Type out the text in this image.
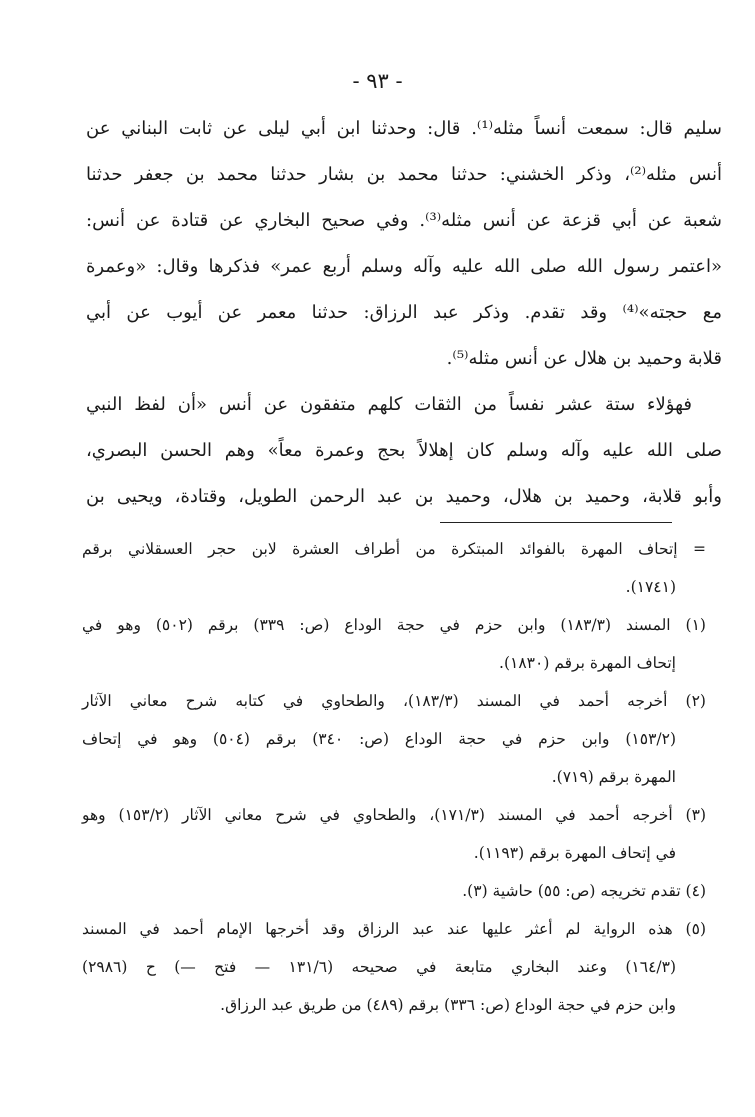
- ٩٣ -
سليم قال: سمعت أنساً مثله⁽¹⁾. قال: وحدثنا ابن أبي ليلى عن ثابت البناني عن
أنس مثله⁽²⁾، وذكر الخشني: حدثنا محمد بن بشار حدثنا محمد بن جعفر حدثنا
شعبة عن أبي قزعة عن أنس مثله⁽³⁾. وفي صحيح البخاري عن قتادة عن أنس:
«اعتمر رسول الله صلى الله عليه وآله وسلم أربع عمر» فذكرها وقال: «وعمرة
مع حجته»⁽⁴⁾ وقد تقدم. وذكر عبد الرزاق: حدثنا معمر عن أيوب عن أبي
قلابة وحميد بن هلال عن أنس مثله⁽⁵⁾.
فهؤلاء ستة عشر نفساً من الثقات كلهم متفقون عن أنس «أن لفظ النبي
صلى الله عليه وآله وسلم كان إهلالاً بحج وعمرة معاً» وهم الحسن البصري،
وأبو قلابة، وحميد بن هلال، وحميد بن عبد الرحمن الطويل، وقتادة، ويحيى بن
= إتحاف المهرة بالفوائد المبتكرة من أطراف العشرة لابن حجر العسقلاني برقم
(١٧٤١).
(١) المسند (١٨٣/٣) وابن حزم في حجة الوداع (ص: ٣٣٩) برقم (٥٠٢) وهو في
إتحاف المهرة برقم (١٨٣٠).
(٢) أخرجه أحمد في المسند (١٨٣/٣)، والطحاوي في كتابه شرح معاني الآثار
(١٥٣/٢) وابن حزم في حجة الوداع (ص: ٣٤٠) برقم (٥٠٤) وهو في إتحاف
المهرة برقم (٧١٩).
(٣) أخرجه أحمد في المسند (١٧١/٣)، والطحاوي في شرح معاني الآثار (١٥٣/٢) وهو
في إتحاف المهرة برقم (١١٩٣).
(٤) تقدم تخريجه (ص: ٥٥) حاشية (٣).
(٥) هذه الرواية لم أعثر عليها عند عبد الرزاق وقد أخرجها الإمام أحمد في المسند
(١٦٤/٣) وعند البخاري متابعة في صحيحه (١٣١/٦ — فتح —) ح (٢٩٨٦)
وابن حزم في حجة الوداع (ص: ٣٣٦) برقم (٤٨٩) من طريق عبد الرزاق.
